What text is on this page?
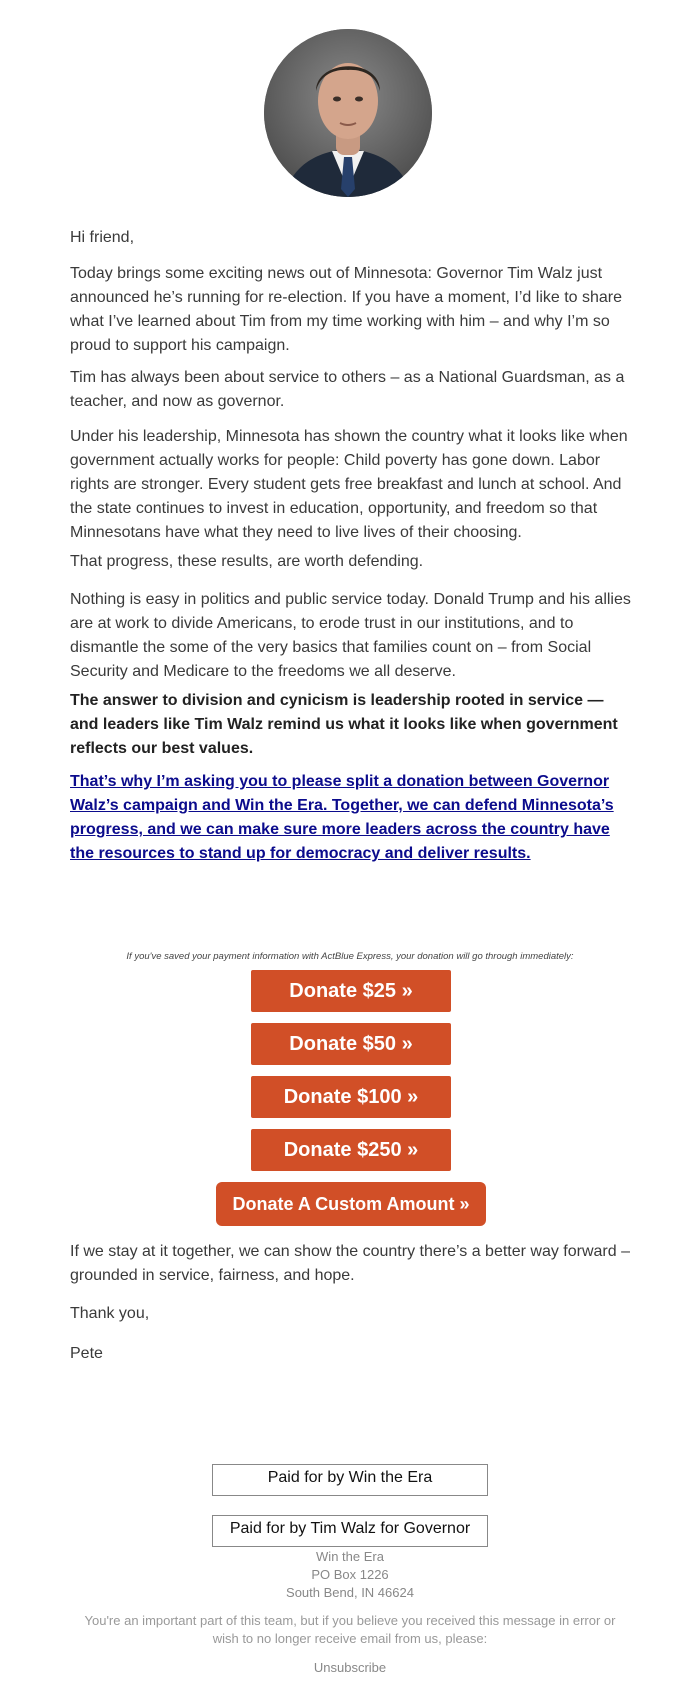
Hi friend,

Today brings some exciting news out of Minnesota: Governor Tim Walz just announced he’s running for re-election. If you have a moment, I’d like to share what I’ve learned about Tim from my time working with him – and why I’m so proud to support his campaign.

Tim has always been about service to others – as a National Guardsman, as a teacher, and now as governor.

Under his leadership, Minnesota has shown the country what it looks like when government actually works for people: Child poverty has gone down. Labor rights are stronger. Every student gets free breakfast and lunch at school. And the state continues to invest in education, opportunity, and freedom so that Minnesotans have what they need to live lives of their choosing.

That progress, these results, are worth defending.

Nothing is easy in politics and public service today. Donald Trump and his allies are at work to divide Americans, to erode trust in our institutions, and to dismantle the some of the very basics that families count on – from Social Security and Medicare to the freedoms we all deserve.

The answer to division and cynicism is leadership rooted in service — and leaders like Tim Walz remind us what it looks like when government reflects our best values.

That’s why I’m asking you to please split a donation between Governor Walz’s campaign and Win the Era. Together, we can defend Minnesota’s progress, and we can make sure more leaders across the country have the resources to stand up for democracy and deliver results.

If you've saved your payment information with ActBlue Express, your donation will go through immediately:
Donate $25 »
Donate $50 »
Donate $100 »
Donate $250 »
Donate A Custom Amount »

If we stay at it together, we can show the country there’s a better way forward – grounded in service, fairness, and hope.

Thank you,

Pete

Paid for by Win the Era
Paid for by Tim Walz for Governor
Win the Era
PO Box 1226
South Bend, IN 46624
You're an important part of this team, but if you believe you received this message in error or wish to no longer receive email from us, please:
Unsubscribe
